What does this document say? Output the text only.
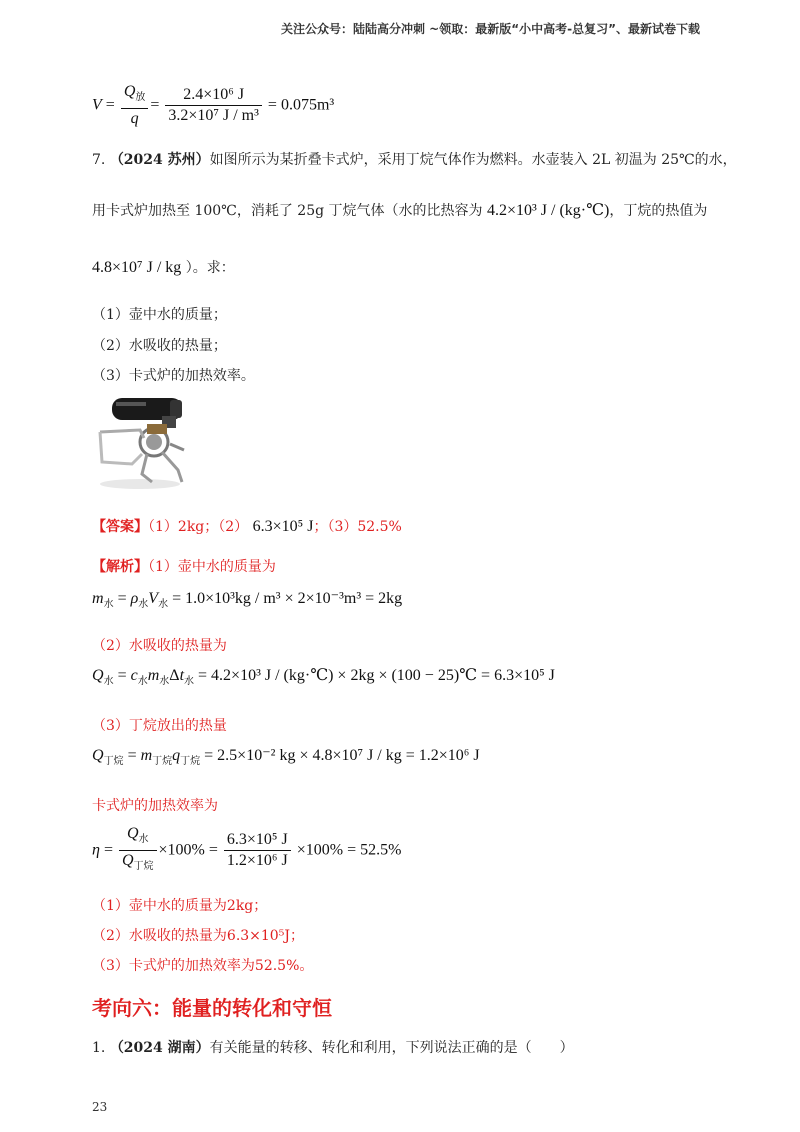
关注公众号：陆陆高分冲刺 ~领取：最新版“小中高考-总复习”、最新试卷下载
$V = \frac{Q_放}{q} = \frac{\text{2.4×10⁶ J}}{\text{3.2×10⁷ J / m³}} = 0.075m^3$
7. （2024 苏州）如图所示为某折叠卡式炉，采用丁烷气体作为燃料。水壶装入 2L 初温为 25℃的水，
用卡式炉加热至 100℃，消耗了 25g 丁烷气体（水的比热容为 4.2×10³ J / (kg·℃)，丁烷的热值为
4.8×10⁷ J / kg ）。求：
（1）壶中水的质量；
（2）水吸收的热量；
（3）卡式炉的加热效率。
【答案】（1）2kg；（2） 6.3×10⁵ J；（3）52.5%
【解析】（1）壶中水的质量为
$m_水 = \rho_水V_水 = 1.0\times 10^3kg / m^3 \times 2\times 10^{-3}m^3 = 2kg$
（2）水吸收的热量为
$Q_水 = c_水m_水\Delta t_水 = 4.2\times 10^3$ J / (kg·℃) × 2kg × (100 − 25)℃ = 6.3×10⁵ J
（3）丁烷放出的热量
$Q_{丁烷} = m_{丁烷}q_{丁烷} = 2.5\times 10^{-2}$ kg × 4.8×10⁷ J / kg = 1.2×10⁶ J
卡式炉的加热效率为
$\eta = \frac{Q_水}{Q_{丁烷}} \times 100\% = \frac{\text{6.3×10⁵ J}}{\text{1.2×10⁶ J}} \times 100\% = 52.5\%$
（1）壶中水的质量为2kg；
（2）水吸收的热量为6.3×10⁵J；
（3）卡式炉的加热效率为52.5%。
考向六：能量的转化和守恒
1. （2024 湖南）有关能量的转移、转化和利用，下列说法正确的是（　　）
23
